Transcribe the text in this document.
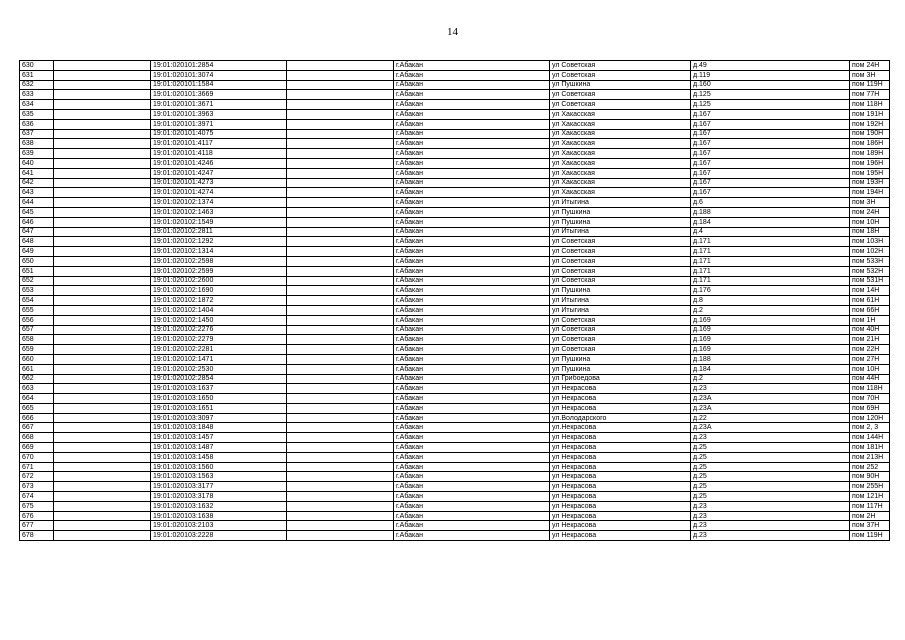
14
630		19:01:020101:2854		г.Абакан	ул Советская	д.49	пом 24Н
631		19:01:020101:3074		г.Абакан	ул Советская	д.119	пом 3Н
632		19:01:020101:1584		г.Абакан	ул Пушкина	д.160	пом 119Н
633		19:01:020101:3669		г.Абакан	ул Советская	д.125	пом 77Н
634		19:01:020101:3671		г.Абакан	ул Советская	д.125	пом 118Н
635		19:01:020101:3963		г.Абакан	ул Хакасская	д.167	пом 191Н
636		19:01:020101:3971		г.Абакан	ул Хакасская	д.167	пом 192Н
637		19:01:020101:4075		г.Абакан	ул Хакасская	д.167	пом 190Н
638		19:01:020101:4117		г.Абакан	ул Хакасская	д.167	пом 186Н
639		19:01:020101:4118		г.Абакан	ул Хакасская	д.167	пом 189Н
640		19:01:020101:4246		г.Абакан	ул Хакасская	д.167	пом 196Н
641		19:01:020101:4247		г.Абакан	ул Хакасская	д.167	пом 195Н
642		19:01:020101:4273		г.Абакан	ул Хакасская	д.167	пом 193Н
643		19:01:020101:4274		г.Абакан	ул Хакасская	д.167	пом 194Н
644		19:01:020102:1374		г.Абакан	ул Итыгина	д.6	пом 3Н
645		19:01:020102:1463		г.Абакан	ул Пушкина	д.188	пом 24Н
646		19:01:020102:1549		г.Абакан	ул Пушкина	д.184	пом 10Н
647		19:01:020102:2811		г.Абакан	ул Итыгина	д.4	пом 18Н
648		19:01:020102:1292		г.Абакан	ул Советская	д.171	пом 103Н
649		19:01:020102:1314		г.Абакан	ул Советская	д.171	пом 102Н
650		19:01:020102:2598		г.Абакан	ул Советская	д.171	пом 533Н
651		19:01:020102:2599		г.Абакан	ул Советская	д.171	пом 532Н
652		19:01:020102:2600		г.Абакан	ул Советская	д.171	пом 531Н
653		19:01:020102:1690		г.Абакан	ул Пушкина	д.176	пом 14Н
654		19:01:020102:1872		г.Абакан	ул Итыгина	д.8	пом 61Н
655		19:01:020102:1404		г.Абакан	ул Итыгина	д.2	пом 66Н
656		19:01:020102:1450		г.Абакан	ул Советская	д.169	пом 1Н
657		19:01:020102:2276		г.Абакан	ул Советская	д.169	пом 40Н
658		19:01:020102:2279		г.Абакан	ул Советская	д.169	пом 21Н
659		19:01:020102:2281		г.Абакан	ул Советская	д.169	пом 22Н
660		19:01:020102:1471		г.Абакан	ул Пушкина	д.188	пом 27Н
661		19:01:020102:2530		г.Абакан	ул Пушкина	д.184	пом 10Н
662		19:01:020102:2854		г.Абакан	ул Грибоедова	д.2	пом 44Н
663		19:01:020103:1637		г.Абакан	ул Некрасова	д.23	пом 118Н
664		19:01:020103:1650		г.Абакан	ул Некрасова	д.23А	пом 70Н
665		19:01:020103:1651		г.Абакан	ул Некрасова	д.23А	пом 69Н
666		19:01:020103:3097		г.Абакан	ул.Володарского	д.22	пом 120Н
667		19:01:020103:1848		г.Абакан	ул.Некрасова	д.23А	пом 2, 3
668		19:01:020103:1457		г.Абакан	ул Некрасова	д.23	пом 144Н
669		19:01:020103:1487		г.Абакан	ул Некрасова	д.25	пом 181Н
670		19:01:020103:1458		г.Абакан	ул Некрасова	д.25	пом 213Н
671		19:01:020103:1560		г.Абакан	ул Некрасова	д.25	пом 252
672		19:01:020103:1563		г.Абакан	ул Некрасова	д.25	пом 90Н
673		19:01:020103:3177		г.Абакан	ул Некрасова	д.25	пом 255Н
674		19:01:020103:3178		г.Абакан	ул Некрасова	д.25	пом 121Н
675		19:01:020103:1632		г.Абакан	ул Некрасова	д.23	пом 117Н
676		19:01:020103:1638		г.Абакан	ул Некрасова	д.23	пом 2Н
677		19:01:020103:2103		г.Абакан	ул Некрасова	д.23	пом 37Н
678		19:01:020103:2228		г.Абакан	ул Некрасова	д.23	пом 119Н
